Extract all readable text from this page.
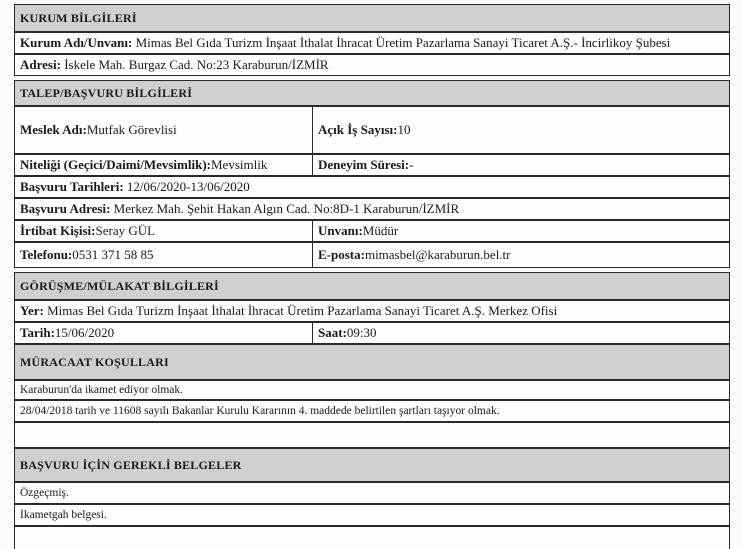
KURUM BİLGİLERİ
Kurum Adı/Unvanı: Mimas Bel Gıda Turizm İnşaat İthalat İhracat Üretim Pazarlama Sanayi Ticaret A.Ş.- İncirlikoy Şubesi
Adresi: İskele Mah. Burgaz Cad. No:23 Karaburun/İZMİR
TALEP/BAŞVURU BİLGİLERİ
Meslek Adı: Mutfak Görevlisi	Açık İş Sayısı: 10
Niteliği (Geçici/Daimi/Mevsimlik): Mevsimlik	Deneyim Süresi: -
Başvuru Tarihleri: 12/06/2020-13/06/2020
Başvuru Adresi: Merkez Mah. Şehit Hakan Algın Cad. No:8D-1 Karaburun/İZMİR
İrtibat Kişisi: Seray GÜL	Unvanı: Müdür
Telefonu: 0531 371 58 85	E-posta: mimasbel@karaburun.bel.tr
GÖRÜŞME/MÜLAKAT BİLGİLERİ
Yer: Mimas Bel Gıda Turizm İnşaat İthalat İhracat Üretim Pazarlama Sanayi Ticaret A.Ş. Merkez Ofisi
Tarih: 15/06/2020	Saat: 09:30
MÜRACAAT KOŞULLARI
Karaburun'da ikamet ediyor olmak.
28/04/2018 tarih ve 11608 sayılı Bakanlar Kurulu Kararının 4. maddede belirtilen şartları taşıyor olmak.
BAŞVURU İÇİN GEREKLİ BELGELER
Özgeçmiş.
İkametgah belgesi.
